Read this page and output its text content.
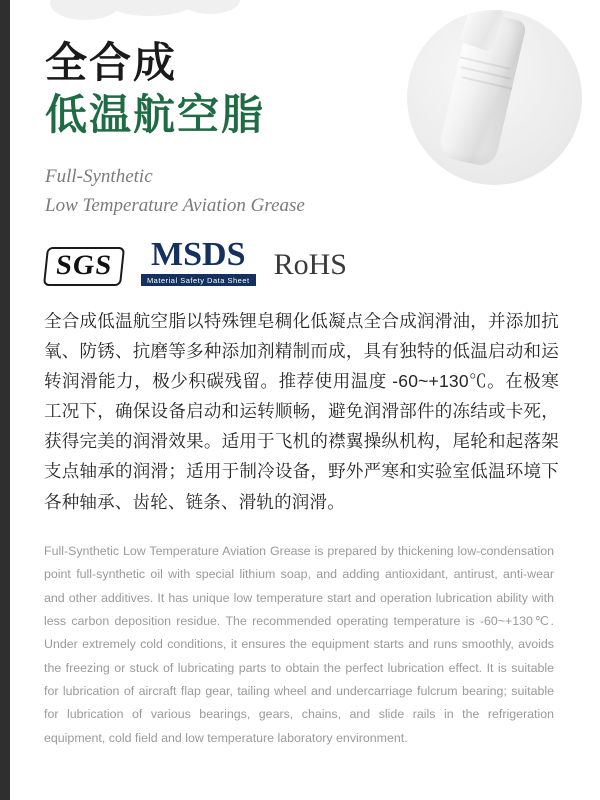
全合成
低温航空脂
Full-Synthetic
Low Temperature Aviation Grease
SGS	MSDS
Material Safety Data Sheet RoHS
全合成低温航空脂以特殊锂皂稠化低凝点全合成润滑油，并添加抗氧、防锈、抗磨等多种添加剂精制而成，具有独特的低温启动和运转润滑能力，极少积碳残留。推荐使用温度 -60~+130℃。在极寒工况下，确保设备启动和运转顺畅，避免润滑部件的冻结或卡死，获得完美的润滑效果。适用于飞机的襟翼操纵机构，尾轮和起落架支点轴承的润滑；适用于制冷设备，野外严寒和实验室低温环境下各种轴承、齿轮、链条、滑轨的润滑。
Full-Synthetic Low Temperature Aviation Grease is prepared by thickening low-condensation point full-synthetic oil with special lithium soap, and adding antioxidant, antirust, anti-wear and other additives. It has unique low temperature start and operation lubrication ability with less carbon deposition residue. The recommended operating temperature is -60~+130℃. Under extremely cold conditions, it ensures the equipment starts and runs smoothly, avoids the freezing or stuck of lubricating parts to obtain the perfect lubrication effect. It is suitable for lubrication of aircraft flap gear, tailing wheel and undercarriage fulcrum bearing; suitable for lubrication of various bearings, gears, chains, and slide rails in the refrigeration equipment, cold field and low temperature laboratory environment.
